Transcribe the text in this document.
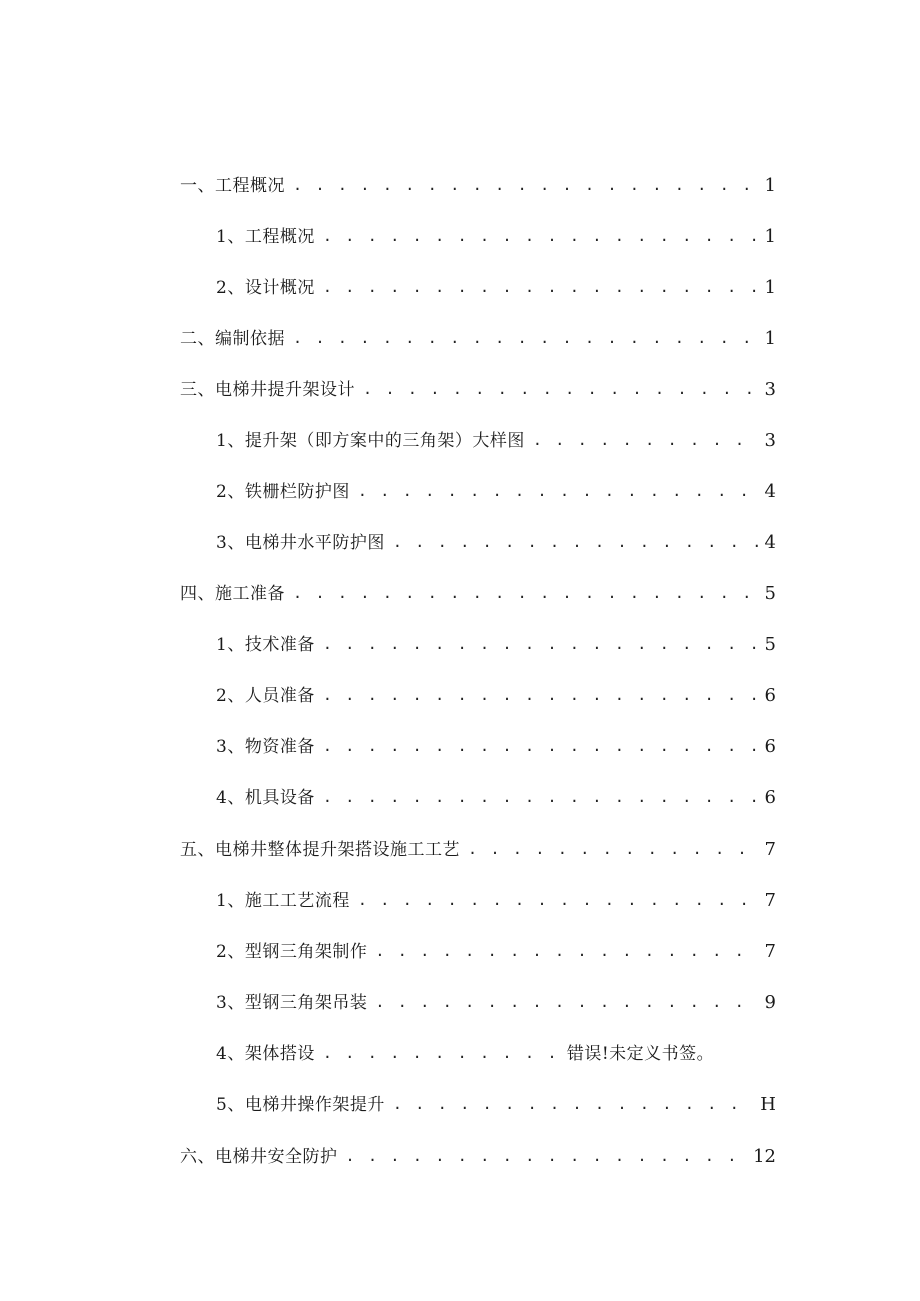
一、工程概况 . . .	1
1、工程概况 . . .	1
2、设计概况 . . .	1
二、编制依据 . . .	1
三、电梯井提升架设计 . . .	3
1、提升架（即方案中的三角架）大样图 . . .	3
2、铁栅栏防护图 . . .	4
3、电梯井水平防护图 . . .	4
四、施工准备 . . .	5
1、技术准备 . . .	5
2、人员准备 . . .	6
3、物资准备 . . .	6
4、机具设备 . . .	6
五、电梯井整体提升架搭设施工工艺 . . .	7
1、施工工艺流程 . . .	7
2、型钢三角架制作 . . .	7
3、型钢三角架吊装 . . .	9
4、架体搭设 . . .	错误!未定义书签。
5、电梯井操作架提升 . . .	H
六、电梯井安全防护 . . .	12
